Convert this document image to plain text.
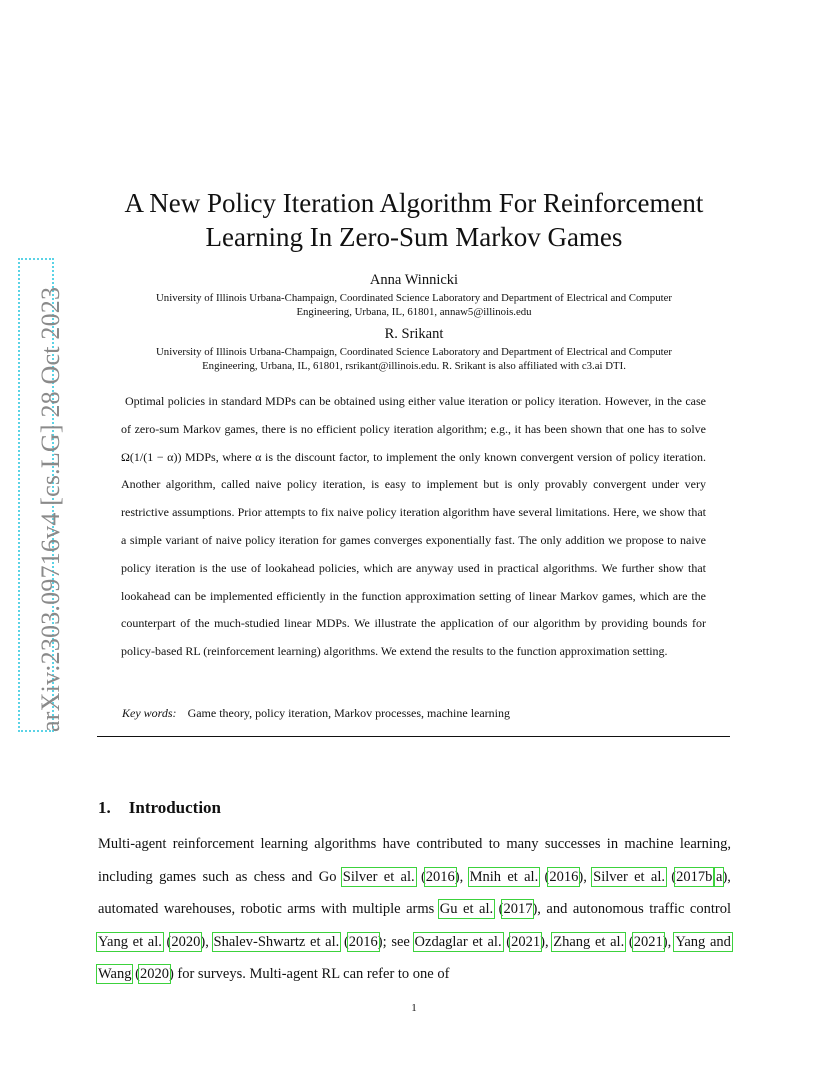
arXiv:2303.09716v4 [cs.LG] 28 Oct 2023
A New Policy Iteration Algorithm For Reinforcement
Learning In Zero-Sum Markov Games
Anna Winnicki
University of Illinois Urbana-Champaign, Coordinated Science Laboratory and Department of Electrical and Computer
Engineering, Urbana, IL, 61801, annaw5@illinois.edu
R. Srikant
University of Illinois Urbana-Champaign, Coordinated Science Laboratory and Department of Electrical and Computer
Engineering, Urbana, IL, 61801, rsrikant@illinois.edu. R. Srikant is also affiliated with c3.ai DTI.
Optimal policies in standard MDPs can be obtained using either value iteration or policy iteration. However, in the case of zero-sum Markov games, there is no efficient policy iteration algorithm; e.g., it has been shown that one has to solve Ω(1/(1 − α)) MDPs, where α is the discount factor, to implement the only known convergent version of policy iteration. Another algorithm, called naive policy iteration, is easy to implement but is only provably convergent under very restrictive assumptions. Prior attempts to fix naive policy iteration algorithm have several limitations. Here, we show that a simple variant of naive policy iteration for games converges exponentially fast. The only addition we propose to naive policy iteration is the use of lookahead policies, which are anyway used in practical algorithms. We further show that lookahead can be implemented efficiently in the function approximation setting of linear Markov games, which are the counterpart of the much-studied linear MDPs. We illustrate the application of our algorithm by providing bounds for policy-based RL (reinforcement learning) algorithms. We extend the results to the function approximation setting.
Key words: Game theory, policy iteration, Markov processes, machine learning
1. Introduction
Multi-agent reinforcement learning algorithms have contributed to many successes in machine learning, including games such as chess and Go Silver et al. (2016), Mnih et al. (2016), Silver et al. (2017b,a), automated warehouses, robotic arms with multiple arms Gu et al. (2017), and autonomous traffic control Yang et al. (2020), Shalev-Shwartz et al. (2016); see Ozdaglar et al. (2021), Zhang et al. (2021), Yang and Wang (2020) for surveys. Multi-agent RL can refer to one of
1
